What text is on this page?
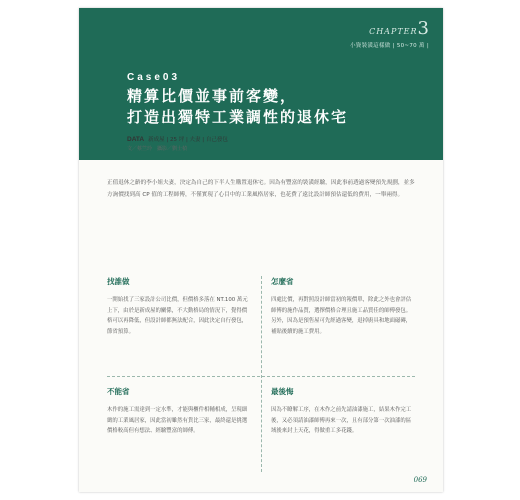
CHAPTER3
小資裝潢這樣做 | 50~70 萬 |
Case03
精算比價並事前客變，
打造出獨特工業調性的退休宅
DATA 新成屋 | 25 坪 | 夫妻 | 自己發包
文／蔡竺玲　攝影／劉士楨
正值退休之齡的李小姐夫妻，決定為自己的下半人生購置退休宅。因為有豐富的裝潢經驗，因此事前透過客變預先規劃，並多方詢價找到高 CP 值的工程師傅，不僅實現了心目中的工業風格居家，也花費了遠比設計師預估還低的費用，一舉兩得。
找誰做

一開始找了三家設計公司比價，但價格多落在 NT.100 萬元上下，由於是新成屋的關係，不大動格局的情況下，覺得價格可以再降低，但設計師都無法配合，因此決定自行發包，節省預算。

怎麼省

四處比價，再對照設計師當初的報價單，除此之外也會評估師傅的施作品質，選擇價格合理且施工品質佳的師傅發包。另外，因為是預售屋可先經過客變，退掉廚具和地面磁磚，補貼後續的施工費用。

不能省

木作的施工需達到一定水準，才能與櫃件相輔相成，呈現細緻的工業風居家，因此當初雖然有貨比三家，最終還是挑選價格較高但有想法、經驗豐富的師傅。

最後悔

因為不瞭解工序，在木作之前先請油漆施工，結果木作完工後，又必須請油漆師傅再來一次，且有部分第一次油漆的區域後來封上天花，得做重工多花錢。

069
